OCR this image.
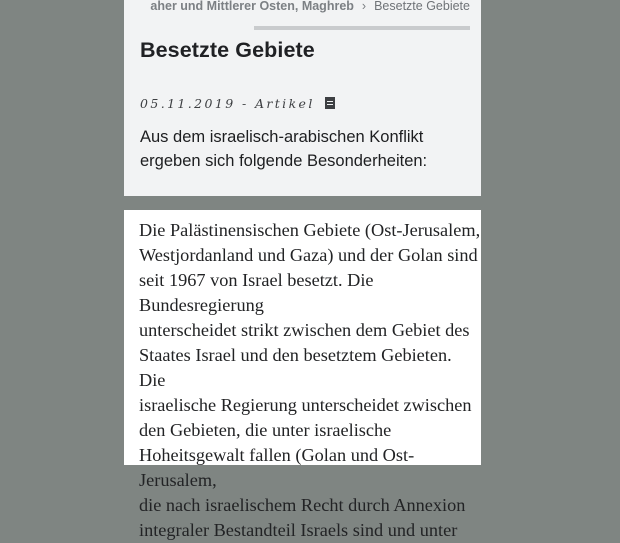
aher und Mittlerer Osten, Maghreb › Besetzte Gebiete
Besetzte Gebiete
05.11.2019 - Artikel

Aus dem israelisch-arabischen Konflikt ergeben sich folgende Besonderheiten:

Die Palästinensischen Gebiete (Ost-Jerusalem,
Westjordanland und Gaza) und der Golan sind
seit 1967 von Israel besetzt. Die Bundesregierung
unterscheidet strikt zwischen dem Gebiet des
Staates Israel und den besetztem Gebieten. Die
israelische Regierung unterscheidet zwischen
den Gebieten, die unter israelische
Hoheitsgewalt fallen (Golan und Ost-Jerusalem,
die nach israelischem Recht durch Annexion
integraler Bestandteil Israels sind und unter
